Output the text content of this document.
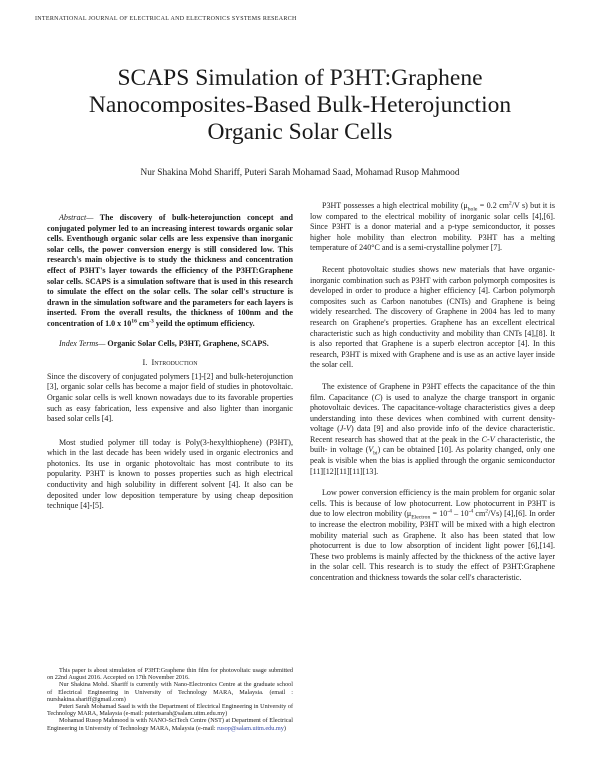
INTERNATIONAL JOURNAL OF ELECTRICAL AND ELECTRONICS SYSTEMS RESEARCH
SCAPS Simulation of P3HT:Graphene
Nanocomposites-Based Bulk-Heterojunction
Organic Solar Cells
Nur Shakina Mohd Shariff, Puteri Sarah Mohamad Saad, Mohamad Rusop Mahmood

Abstract— The discovery of bulk-heterojunction concept and conjugated polymer led to an increasing interest towards organic solar cells. Eventhough organic solar cells are less expensive than inorganic solar cells, the power conversion energy is still considered low. This research's main objective is to study the thickness and concentration effect of P3HT's layer towards the efficiency of the P3HT:Graphene solar cells. SCAPS is a simulation software that is used in this research to simulate the effect on the solar cells. The solar cell's structure is drawn in the simulation software and the parameters for each layers is inserted. From the overall results, the thickness of 100nm and the concentration of 1.0 x $10^{16}$ $cm^{-3}$ yeild the optimum efficiency.

Index Terms— Organic Solar Cells, P3HT, Graphene, SCAPS.

I. Introduction

Since the discovery of conjugated polymers [1]-[2] and bulk-heterojunction [3], organic solar cells has become a major field of studies in photovoltaic. Organic solar cells is well known nowadays due to its favorable properties such as easy fabrication, less expensive and also lighter than inorganic based solar cells [4].

Most studied polymer till today is Poly(3-hexylthiophene) (P3HT), which in the last decade has been widely used in organic electronics and photonics. Its use in organic photovoltaic has most contribute to its popularity. P3HT is known to posses properties such as high electrical conductivity and high solubility in different solvent [4]. It also can be deposited under low deposition temperature by using cheap deposition technique [4]-[5].

This paper is about simulation of P3HT:Graphene thin film for photovoltaic usage submitted on 22nd August 2016. Accepted on 17th November 2016.

Nur Shakina Mohd. Shariff is currently with Nano-Electronics Centre at the graduate school of Electrical Engineering in University of Technology MARA, Malaysia. (email : nurshakina.shariff@gmail.com)

Puteri Sarah Mohamad Saad is with the Department of Electrical Engineering in University of Technology MARA, Malaysia (e-mail: puterisarah@salam.uitm.edu.my)

Mohamad Rusop Mahmood is with NANO-SciTech Centre (NST) at Department of Electrical Engineering in University of Technology MARA, Malaysia (e-mail: rusop@salam.uitm.edu.my)

P3HT possesses a high electrical mobility ($\mu_{hole} = 0.2$ $cm^2/V$ s) but it is low compared to the electrical mobility of inorganic solar cells [4],[6]. Since P3HT is a donor material and a p-type semiconductor, it posses higher hole mobility than electron mobility. P3HT has a melting temperature of 240°C and is a semi-crystalline polymer [7].

Recent photovoltaic studies shows new materials that have organic-inorganic combination such as P3HT with carbon polymorph composites is developed in order to produce a higher efficiency [4]. Carbon polymorph composites such as Carbon nanotubes (CNTs) and Graphene is being widely researched. The discovery of Graphene in 2004 has led to many research on Graphene's properties. Graphene has an excellent electrical characteristic such as high conductivity and mobility than CNTs [4],[8]. It is also reported that Graphene is a superb electron acceptor [4]. In this research, P3HT is mixed with Graphene and is use as an active layer inside the solar cell.

The existence of Graphene in P3HT effects the capacitance of the thin film. Capacitance (C) is used to analyze the charge transport in organic photovoltaic devices. The capacitance-voltage characteristics gives a deep understanding into these devices when combined with current density-voltage (J-V) data [9] and also provide info of the device characteristic. Recent research has showed that at the peak in the C-V characteristic, the built- in voltage $(V_{bi})$ can be obtained [10]. As polarity changed, only one peak is visible when the bias is applied through the organic semiconductor [11][12][11][11][13].

Low power conversion efficiency is the main problem for organic solar cells. This is because of low photocurrent. Low photocurrent in P3HT is due to low electron mobility ($\mu_{Electron} = 10^{-4} - 10^{-4}$ $cm^2/Vs$) [4],[6]. In order to increase the electron mobility, P3HT will be mixed with a high electron mobility material such as Graphene. It also has been stated that low photocurrent is due to low absorption of incident light power [6],[14]. These two problems is mainly affected by the thickness of the active layer in the solar cell. This research is to study the effect of P3HT:Graphene concentration and thickness towards the solar cell's characteristic.
